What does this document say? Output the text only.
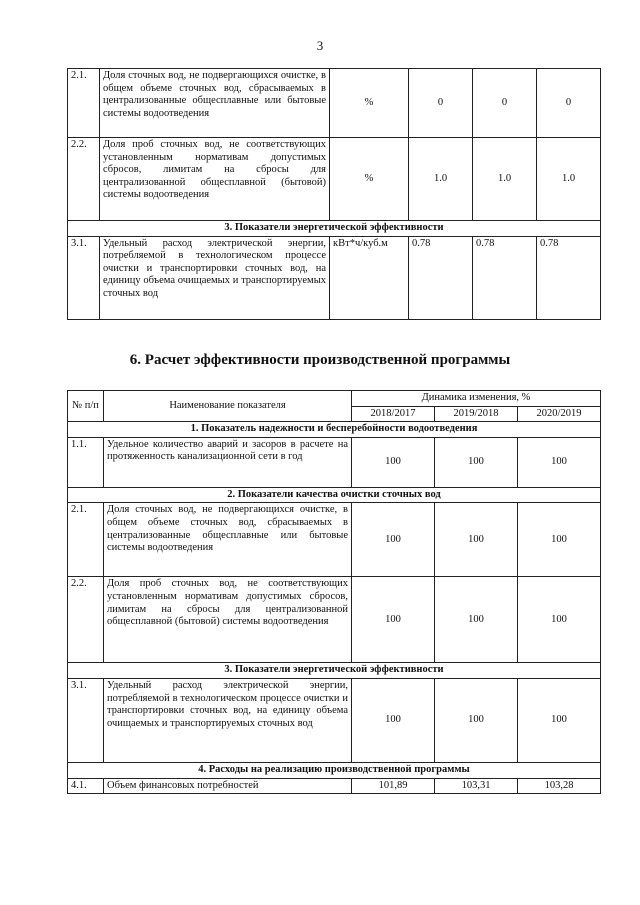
3
2.1.	Доля сточных вод, не подвергающихся очистке, в общем объеме сточных вод, сбрасываемых в централизованные общесплавные или бытовые системы водоотведения	%	0	0	0
2.2.	Доля проб сточных вод, не соответствующих установленным нормативам допустимых сбросов, лимитам на сбросы для централизованной общесплавной (бытовой) системы водоотведения	%	1.0	1.0	1.0
3. Показатели энергетической эффективности					
3.1.	Удельный расход электрической энергии, потребляемой в технологическом процессе очистки и транспортировки сточных вод, на единицу объема очищаемых и транспортируемых сточных вод	кВт*ч/куб.м	0.78	0.78	0.78
6. Расчет эффективности производственной программы
№ п/п	Наименование показателя	Динамика изменения, %		
		2018/2017	2019/2018	2020/2019
1. Показатель надежности и бесперебойности водоотведения				
1.1.	Удельное количество аварий и засоров в расчете на протяженность канализационной сети в год	100	100	100
2. Показатели качества очистки сточных вод				
2.1.	Доля сточных вод, не подвергающихся очистке, в общем объеме сточных вод, сбрасываемых в централизованные общесплавные или бытовые системы водоотведения	100	100	100
2.2.	Доля проб сточных вод, не соответствующих установленным нормативам допустимых сбросов, лимитам на сбросы для централизованной общесплавной (бытовой) системы водоотведения	100	100	100
3. Показатели энергетической эффективности				
3.1.	Удельный расход электрической энергии, потребляемой в технологическом процессе очистки и транспортировки сточных вод, на единицу объема очищаемых и транспортируемых сточных вод	100	100	100
4. Расходы на реализацию производственной программы				
4.1.	Объем финансовых потребностей	101,89	103,31	103,28
